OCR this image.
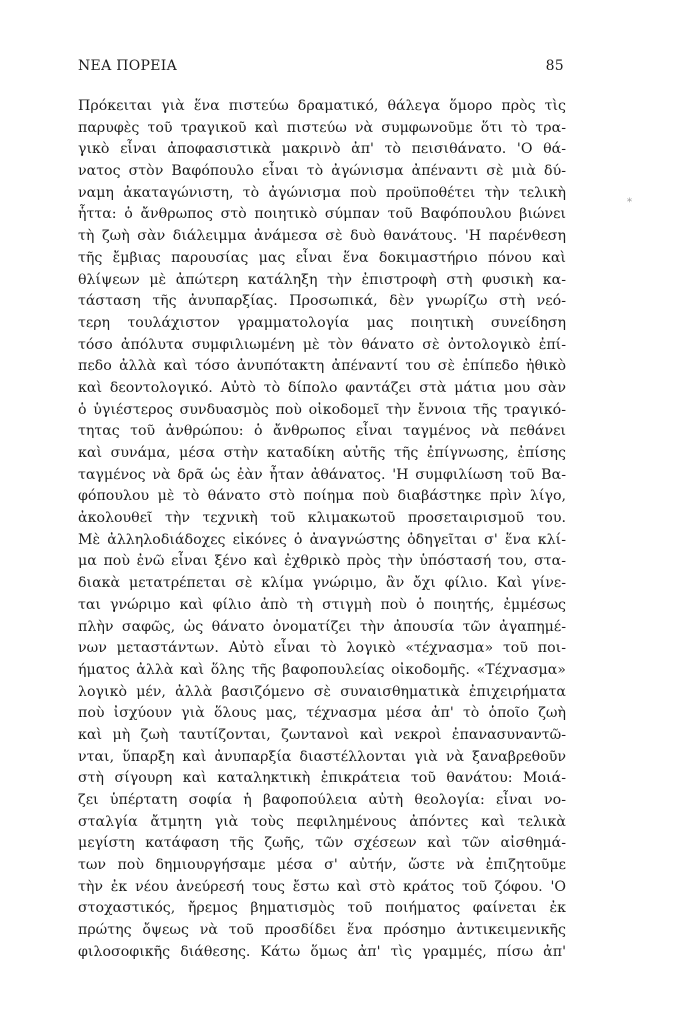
ΝΕΑ ΠΟΡΕΙΑ	85
*
Πρόκειται γιὰ ἕνα πιστεύω δραματικό, θάλεγα ὅμορο πρὸς τὶς
παρυφὲς τοῦ τραγικοῦ καὶ πιστεύω νὰ συμφωνοῦμε ὅτι τὸ τρα-
γικὸ εἶναι ἀποφασιστικὰ μακρινὸ ἀπ' τὸ πεισιθάνατο. 'Ο θά-
νατος στὸν Βαφόπουλο εἶναι τὸ ἀγώνισμα ἀπέναντι σὲ μιὰ δύ-
ναμη ἀκαταγώνιστη, τὸ ἀγώνισμα ποὺ προϋποθέτει τὴν τελικὴ
ἧττα: ὁ ἄνθρωπος στὸ ποιητικὸ σύμπαν τοῦ Βαφόπουλου βιώνει
τὴ ζωὴ σὰν διάλειμμα ἀνάμεσα σὲ δυὸ θανάτους. 'Η παρένθεση
τῆς ἔμβιας παρουσίας μας εἶναι ἕνα δοκιμαστήριο πόνου καὶ
θλίψεων μὲ ἀπώτερη κατάληξη τὴν ἐπιστροφὴ στὴ φυσικὴ κα-
τάσταση τῆς ἀνυπαρξίας. Προσωπικά, δὲν γνωρίζω στὴ νεό-
τερη τουλάχιστον γραμματολογία μας ποιητικὴ συνείδηση
τόσο ἀπόλυτα συμφιλιωμένη μὲ τὸν θάνατο σὲ ὀντολογικὸ ἐπί-
πεδο ἀλλὰ καὶ τόσο ἀνυπότακτη ἀπέναντί του σὲ ἐπίπεδο ἠθικὸ
καὶ δεοντολογικό. Αὐτὸ τὸ δίπολο φαντάζει στὰ μάτια μου σὰν
ὁ ὑγιέστερος συνδυασμὸς ποὺ οἰκοδομεῖ τὴν ἔννοια τῆς τραγικό-
τητας τοῦ ἀνθρώπου: ὁ ἄνθρωπος εἶναι ταγμένος νὰ πεθάνει
καὶ συνάμα, μέσα στὴν καταδίκη αὐτῆς τῆς ἐπίγνωσης, ἐπίσης
ταγμένος νὰ δρᾶ ὡς ἐὰν ἦταν ἀθάνατος. 'Η συμφιλίωση τοῦ Βα-
φόπουλου μὲ τὸ θάνατο στὸ ποίημα ποὺ διαβάστηκε πρὶν λίγο,
ἀκολουθεῖ τὴν τεχνικὴ τοῦ κλιμακωτοῦ προσεταιρισμοῦ του.
Μὲ ἀλληλοδιάδοχες εἰκόνες ὁ ἀναγνώστης ὁδηγεῖται σ' ἕνα κλί-
μα ποὺ ἐνῶ εἶναι ξένο καὶ ἐχθρικὸ πρὸς τὴν ὑπόστασή του, στα-
διακὰ μετατρέπεται σὲ κλίμα γνώριμο, ἂν ὄχι φίλιο. Καὶ γίνε-
ται γνώριμο καὶ φίλιο ἀπὸ τὴ στιγμὴ ποὺ ὁ ποιητής, ἐμμέσως
πλὴν σαφῶς, ὡς θάνατο ὀνοματίζει τὴν ἀπουσία τῶν ἀγαπημέ-
νων μεταστάντων. Αὐτὸ εἶναι τὸ λογικὸ «τέχνασμα» τοῦ ποι-
ήματος ἀλλὰ καὶ ὅλης τῆς βαφοπουλείας οἰκοδομῆς. «Τέχνασμα»
λογικὸ μέν, ἀλλὰ βασιζόμενο σὲ συναισθηματικὰ ἐπιχειρήματα
ποὺ ἰσχύουν γιὰ ὅλους μας, τέχνασμα μέσα ἀπ' τὸ ὁποῖο ζωὴ
καὶ μὴ ζωὴ ταυτίζονται, ζωντανοὶ καὶ νεκροὶ ἐπανασυναντῶ-
νται, ὕπαρξη καὶ ἀνυπαρξία διαστέλλονται γιὰ νὰ ξαναβρεθοῦν
στὴ σίγουρη καὶ καταληκτικὴ ἐπικράτεια τοῦ θανάτου: Μοιά-
ζει ὑπέρτατη σοφία ἡ βαφοπούλεια αὐτὴ θεολογία: εἶναι νο-
σταλγία ἄτμητη γιὰ τοὺς πεφιλημένους ἀπόντες καὶ τελικὰ
μεγίστη κατάφαση τῆς ζωῆς, τῶν σχέσεων καὶ τῶν αἰσθημά-
των ποὺ δημιουργήσαμε μέσα σ' αὐτήν, ὥστε νὰ ἐπιζητοῦμε
τὴν ἐκ νέου ἀνεύρεσή τους ἔστω καὶ στὸ κράτος τοῦ ζόφου. 'Ο
στοχαστικός, ἤρεμος βηματισμὸς τοῦ ποιήματος φαίνεται ἐκ
πρώτης ὄψεως νὰ τοῦ προσδίδει ἕνα πρόσημο ἀντικειμενικῆς
φιλοσοφικῆς διάθεσης. Κάτω ὅμως ἀπ' τὶς γραμμές, πίσω ἀπ'
